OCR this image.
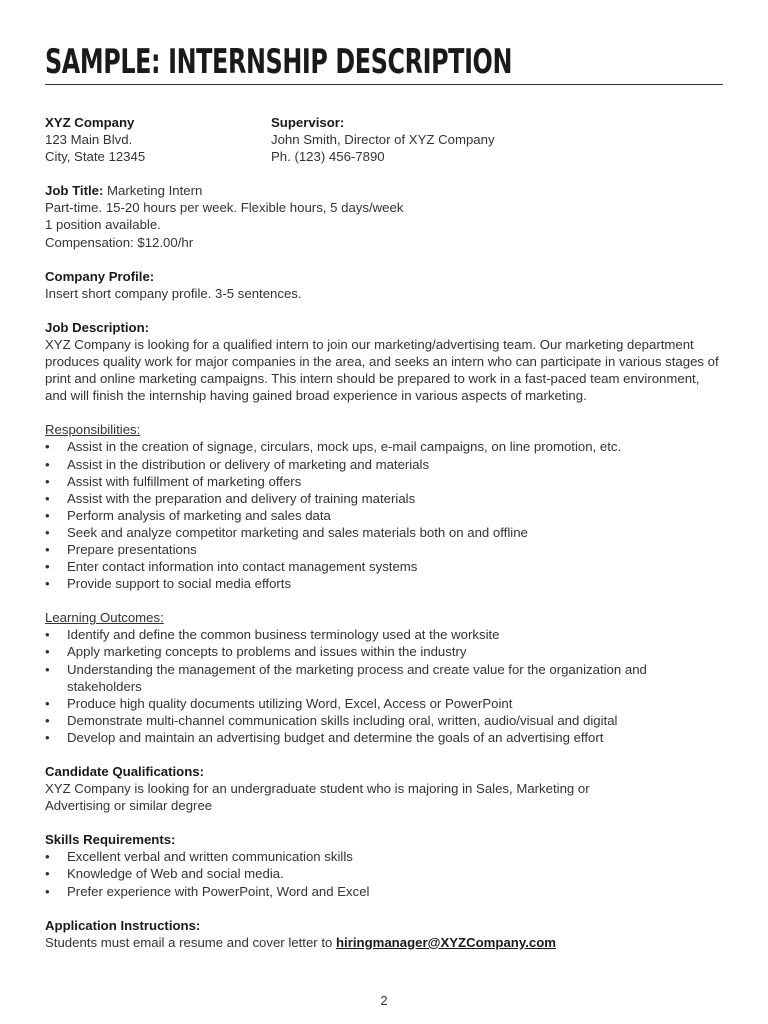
SAMPLE: INTERNSHIP DESCRIPTION
XYZ Company
123 Main Blvd.
City, State 12345
Supervisor:
John Smith, Director of XYZ Company
Ph. (123) 456-7890
Job Title: Marketing Intern
Part-time. 15-20 hours per week. Flexible hours, 5 days/week
1 position available.
Compensation: $12.00/hr
Company Profile:
Insert short company profile. 3-5 sentences.
Job Description:

XYZ Company is looking for a qualified intern to join our marketing/advertising team. Our marketing department produces quality work for major companies in the area, and seeks an intern who can participate in various stages of print and online marketing campaigns. This intern should be prepared to work in a fast-paced team environment, and will finish the internship having gained broad experience in various aspects of marketing.

Responsibilities:
• Assist in the creation of signage, circulars, mock ups, e-mail campaigns, on line promotion, etc.
• Assist in the distribution or delivery of marketing and materials
• Assist with fulfillment of marketing offers
• Assist with the preparation and delivery of training materials
• Perform analysis of marketing and sales data
• Seek and analyze competitor marketing and sales materials both on and offline
• Prepare presentations
• Enter contact information into contact management systems
• Provide support to social media efforts
Learning Outcomes:
• Identify and define the common business terminology used at the worksite
• Apply marketing concepts to problems and issues within the industry
• Understanding the management of the marketing process and create value for the organization and stakeholders
• Produce high quality documents utilizing Word, Excel, Access or PowerPoint
• Demonstrate multi-channel communication skills including oral, written, audio/visual and digital
• Develop and maintain an advertising budget and determine the goals of an advertising effort
Candidate Qualifications:

XYZ Company is looking for an undergraduate student who is majoring in Sales, Marketing or Advertising or similar degree

Skills Requirements:
• Excellent verbal and written communication skills
• Knowledge of Web and social media.
• Prefer experience with PowerPoint, Word and Excel
Application Instructions:
Students must email a resume and cover letter to hiringmanager@XYZCompany.com
2
